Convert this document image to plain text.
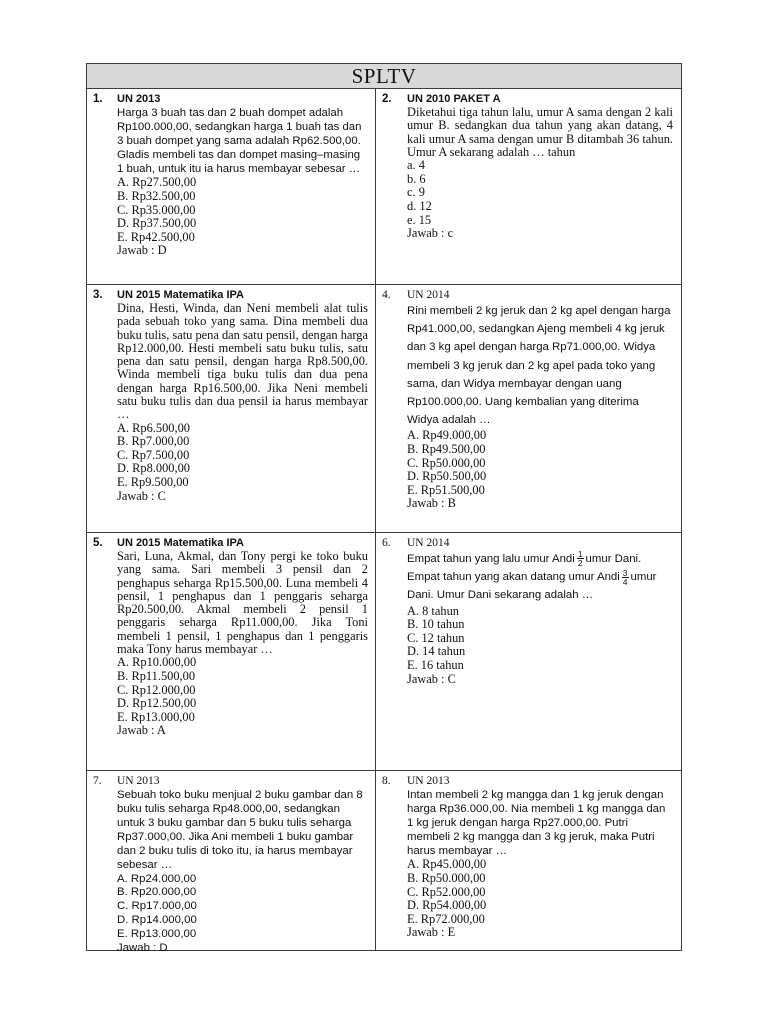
SPLTV
1. UN 2013

Harga 3 buah tas dan 2 buah dompet adalah Rp100.000,00, sedangkan harga 1 buah tas dan 3 buah dompet yang sama adalah Rp62.500,00. Gladis membeli tas dan dompet masing–masing 1 buah, untuk itu ia harus membayar sebesar …

A. Rp27.500,00

B. Rp32.500,00

C. Rp35.000,00

D. Rp37.500,00

E. Rp42.500,00

Jawab : D

2. UN 2010 PAKET A

Diketahui tiga tahun lalu, umur A sama dengan 2 kali umur B. sedangkan dua tahun yang akan datang, 4 kali umur A sama dengan umur B ditambah 36 tahun. Umur A sekarang adalah … tahun

a. 4

b. 6

c. 9

d. 12

e. 15

Jawab : c

3. UN 2015 Matematika IPA

Dina, Hesti, Winda, dan Neni membeli alat tulis pada sebuah toko yang sama. Dina membeli dua buku tulis, satu pena dan satu pensil, dengan harga Rp12.000,00. Hesti membeli satu buku tulis, satu pena dan satu pensil, dengan harga Rp8.500,00. Winda membeli tiga buku tulis dan dua pena dengan harga Rp16.500,00. Jika Neni membeli satu buku tulis dan dua pensil ia harus membayar …

A. Rp6.500,00

B. Rp7.000,00

C. Rp7.500,00

D. Rp8.000,00

E. Rp9.500,00

Jawab : C

4. UN 2014

Rini membeli 2 kg jeruk dan 2 kg apel dengan harga Rp41.000,00, sedangkan Ajeng membeli 4 kg jeruk dan 3 kg apel dengan harga Rp71.000,00. Widya membeli 3 kg jeruk dan 2 kg apel pada toko yang sama, dan Widya membayar dengan uang Rp100.000,00. Uang kembalian yang diterima Widya adalah …

A. Rp49.000,00

B. Rp49.500,00

C. Rp50.000,00

D. Rp50.500,00

E. Rp51.500,00

Jawab : B

5. UN 2015 Matematika IPA

Sari, Luna, Akmal, dan Tony pergi ke toko buku yang sama. Sari membeli 3 pensil dan 2 penghapus seharga Rp15.500,00. Luna membeli 4 pensil, 1 penghapus dan 1 penggaris seharga Rp20.500,00. Akmal membeli 2 pensil 1 penggaris seharga Rp11.000,00. Jika Toni membeli 1 pensil, 1 penghapus dan 1 penggaris maka Tony harus membayar …

A. Rp10.000,00

B. Rp11.500,00

C. Rp12.000,00

D. Rp12.500,00

E. Rp13.000,00

Jawab : A

6. UN 2014

Empat tahun yang lalu umur Andi $\frac{1}{2}$ umur Dani. Empat tahun yang akan datang umur Andi $\frac{3}{4}$ umur Dani. Umur Dani sekarang adalah …

A. 8 tahun

B. 10 tahun

C. 12 tahun

D. 14 tahun

E. 16 tahun

Jawab : C

7. UN 2013

Sebuah toko buku menjual 2 buku gambar dan 8 buku tulis seharga Rp48.000,00, sedangkan untuk 3 buku gambar dan 5 buku tulis seharga Rp37.000,00. Jika Ani membeli 1 buku gambar dan 2 buku tulis di toko itu, ia harus membayar sebesar …

A. Rp24.000,00

B. Rp20.000,00

C. Rp17.000,00

D. Rp14.000,00

E. Rp13.000,00

Jawab : D

8. UN 2013

Intan membeli 2 kg mangga dan 1 kg jeruk dengan harga Rp36.000,00. Nia membeli 1 kg mangga dan 1 kg jeruk dengan harga Rp27.000,00. Putri membeli 2 kg mangga dan 3 kg jeruk, maka Putri harus membayar …

A. Rp45.000,00

B. Rp50.000,00

C. Rp52.000,00

D. Rp54.000,00

E. Rp72.000,00

Jawab : E
